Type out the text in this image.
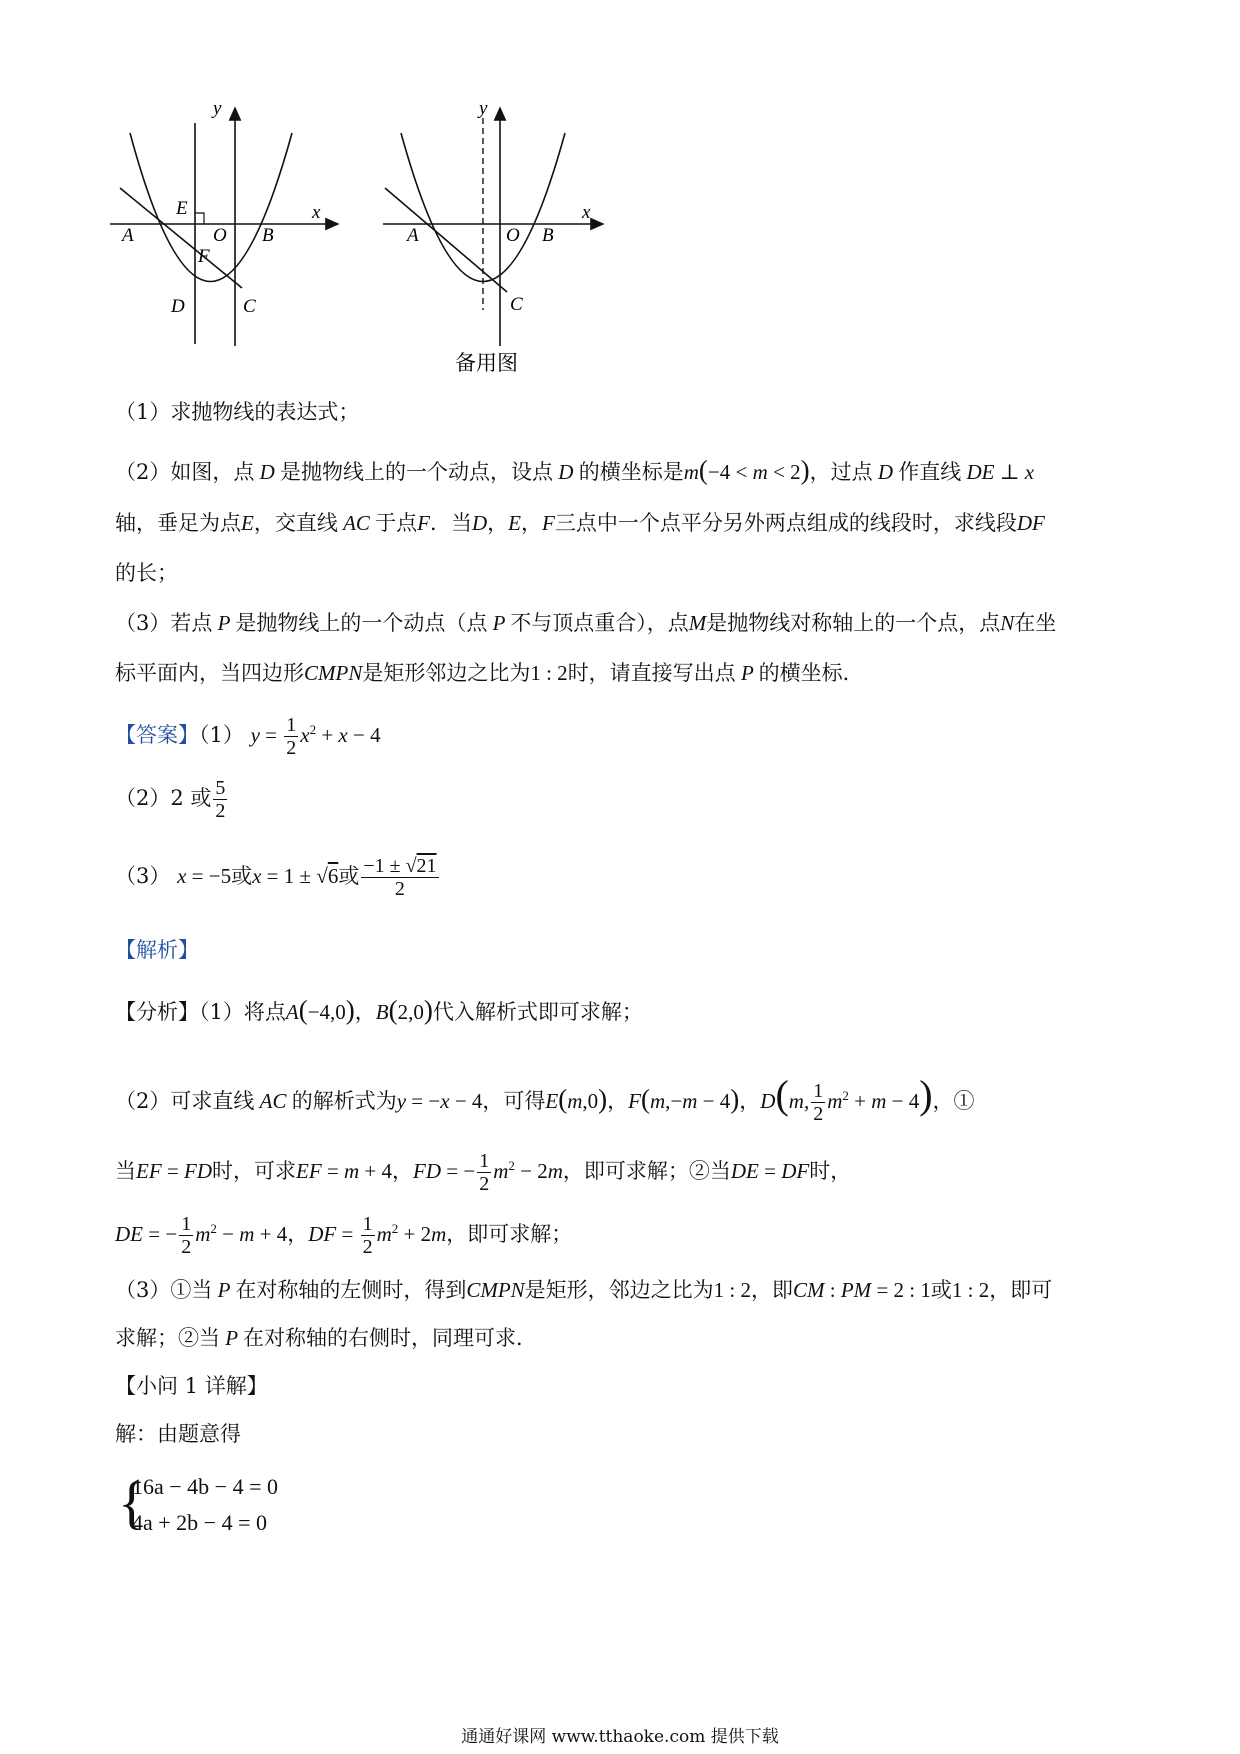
y
x
A
E
O B
F
D	C
y
x
A	O B
C
备用图
（1）求抛物线的表达式；
（2）如图，点 D 是抛物线上的一个动点，设点 D 的横坐标是m(−4 < m < 2)，过点 D 作直线 DE ⊥ x
轴，垂足为点E，交直线 AC 于点F．当D，E，F三点中一个点平分另外两点组成的线段时，求线段DF
的长；
（3）若点 P 是抛物线上的一个动点（点 P 不与顶点重合），点M是抛物线对称轴上的一个点，点N在坐
标平面内，当四边形CMPN是矩形邻边之比为1 : 2时，请直接写出点 P 的横坐标．
【答案】（1） $y = \frac{1}{2} x^2 + x - 4$
（2）2 或 $\frac{5}{2}$
（3） x = −5或x = 1 ± √6或 $\frac{-1 \pm √21}{2}$
【解析】
【分析】（1）将点A(−4,0)，B(2,0)代入解析式即可求解；
（2）可求直线 AC 的解析式为y = −x − 4，可得E(m,0)，F(m,−m − 4)，D(m, $\frac{1}{2} m^2 + m - 4$)，①
当EF = FD时，可求EF = m + 4，FD = − $\frac{1}{2} m^2 - 2m$，即可求解；②当DE = DF时，
DE = − $\frac{1}{2} m^2 - m + 4$，DF = $\frac{1}{2} m^2 + 2m$，即可求解；
（3）①当 P 在对称轴的左侧时，得到CMPN是矩形，邻边之比为1 : 2，即CM : PM = 2 : 1或1 : 2，即可
求解；②当 P 在对称轴的右侧时，同理可求．
【小问 1 详解】
解：由题意得
{
16a − 4b − 4 = 0
4a + 2b − 4 = 0
通通好课网 www.tthaoke.com 提供下载
